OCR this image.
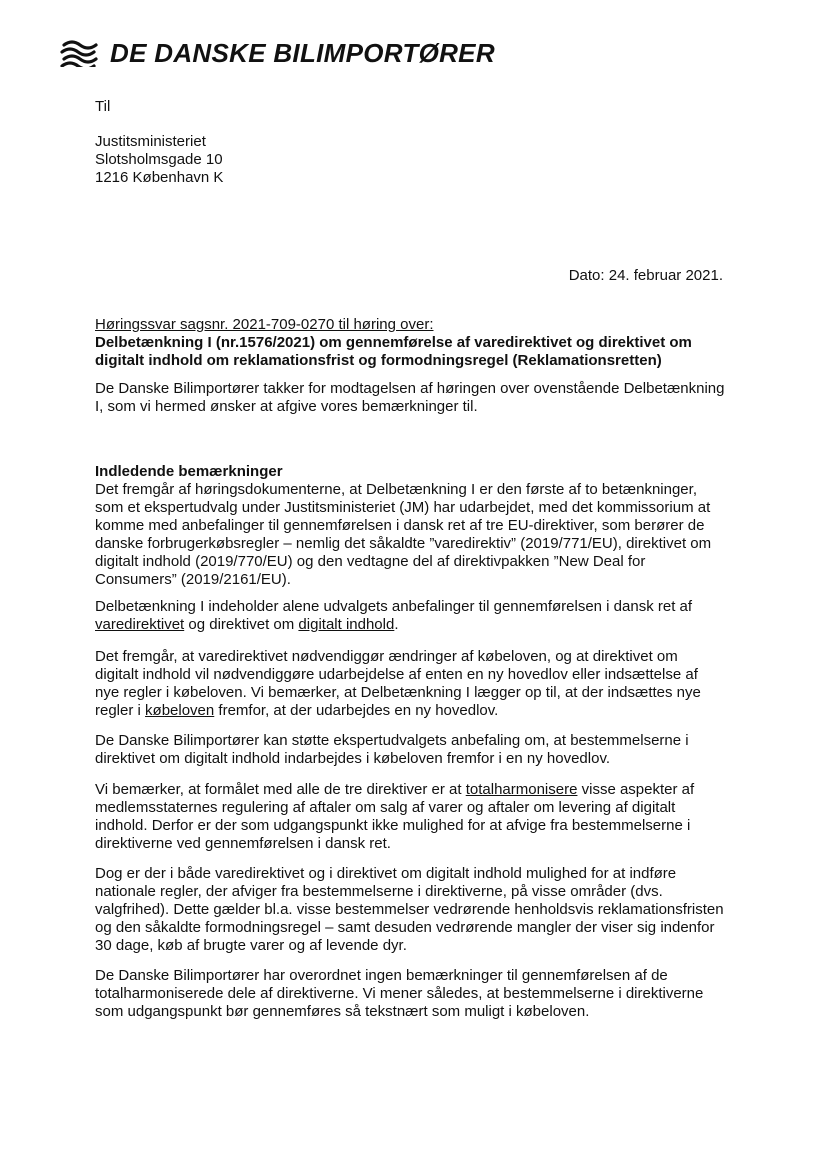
DE DANSKE BILIMPORTØRER

Til

Justitsministeriet

Slotsholmsgade 10

1216 København K

Dato: 24. februar 2021.

Høringssvar sagsnr. 2021-709-0270 til høring over:

Delbetænkning I (nr.1576/2021) om gennemførelse af varedirektivet og direktivet om digitalt indhold om reklamationsfrist og formodningsregel (Reklamationsretten)

De Danske Bilimportører takker for modtagelsen af høringen over ovenstående Delbetænkning I, som vi hermed ønsker at afgive vores bemærkninger til.

Indledende bemærkninger

Det fremgår af høringsdokumenterne, at Delbetænkning I er den første af to betænkninger, som et ekspertudvalg under Justitsministeriet (JM) har udarbejdet, med det kommissorium at komme med anbefalinger til gennemførelsen i dansk ret af tre EU-direktiver, som berører de danske forbrugerkøbsregler – nemlig det såkaldte ”varedirektiv” (2019/771/EU), direktivet om digitalt indhold (2019/770/EU) og den vedtagne del af direktivpakken ”New Deal for Consumers” (2019/2161/EU).

Delbetænkning I indeholder alene udvalgets anbefalinger til gennemførelsen i dansk ret af varedirektivet og direktivet om digitalt indhold.

Det fremgår, at varedirektivet nødvendiggør ændringer af købeloven, og at direktivet om digitalt indhold vil nødvendiggøre udarbejdelse af enten en ny hovedlov eller indsættelse af nye regler i købeloven. Vi bemærker, at Delbetænkning I lægger op til, at der indsættes nye regler i købeloven fremfor, at der udarbejdes en ny hovedlov.

De Danske Bilimportører kan støtte ekspertudvalgets anbefaling om, at bestemmelserne i direktivet om digitalt indhold indarbejdes i købeloven fremfor i en ny hovedlov.

Vi bemærker, at formålet med alle de tre direktiver er at totalharmonisere visse aspekter af medlemsstaternes regulering af aftaler om salg af varer og aftaler om levering af digitalt indhold. Derfor er der som udgangspunkt ikke mulighed for at afvige fra bestemmelserne i direktiverne ved gennemførelsen i dansk ret.

Dog er der i både varedirektivet og i direktivet om digitalt indhold mulighed for at indføre nationale regler, der afviger fra bestemmelserne i direktiverne, på visse områder (dvs. valgfrihed). Dette gælder bl.a. visse bestemmelser vedrørende henholdsvis reklamationsfristen og den såkaldte formodningsregel – samt desuden vedrørende mangler der viser sig indenfor 30 dage, køb af brugte varer og af levende dyr.

De Danske Bilimportører har overordnet ingen bemærkninger til gennemførelsen af de totalharmoniserede dele af direktiverne. Vi mener således, at bestemmelserne i direktiverne som udgangspunkt bør gennemføres så tekstnært som muligt i købeloven.
